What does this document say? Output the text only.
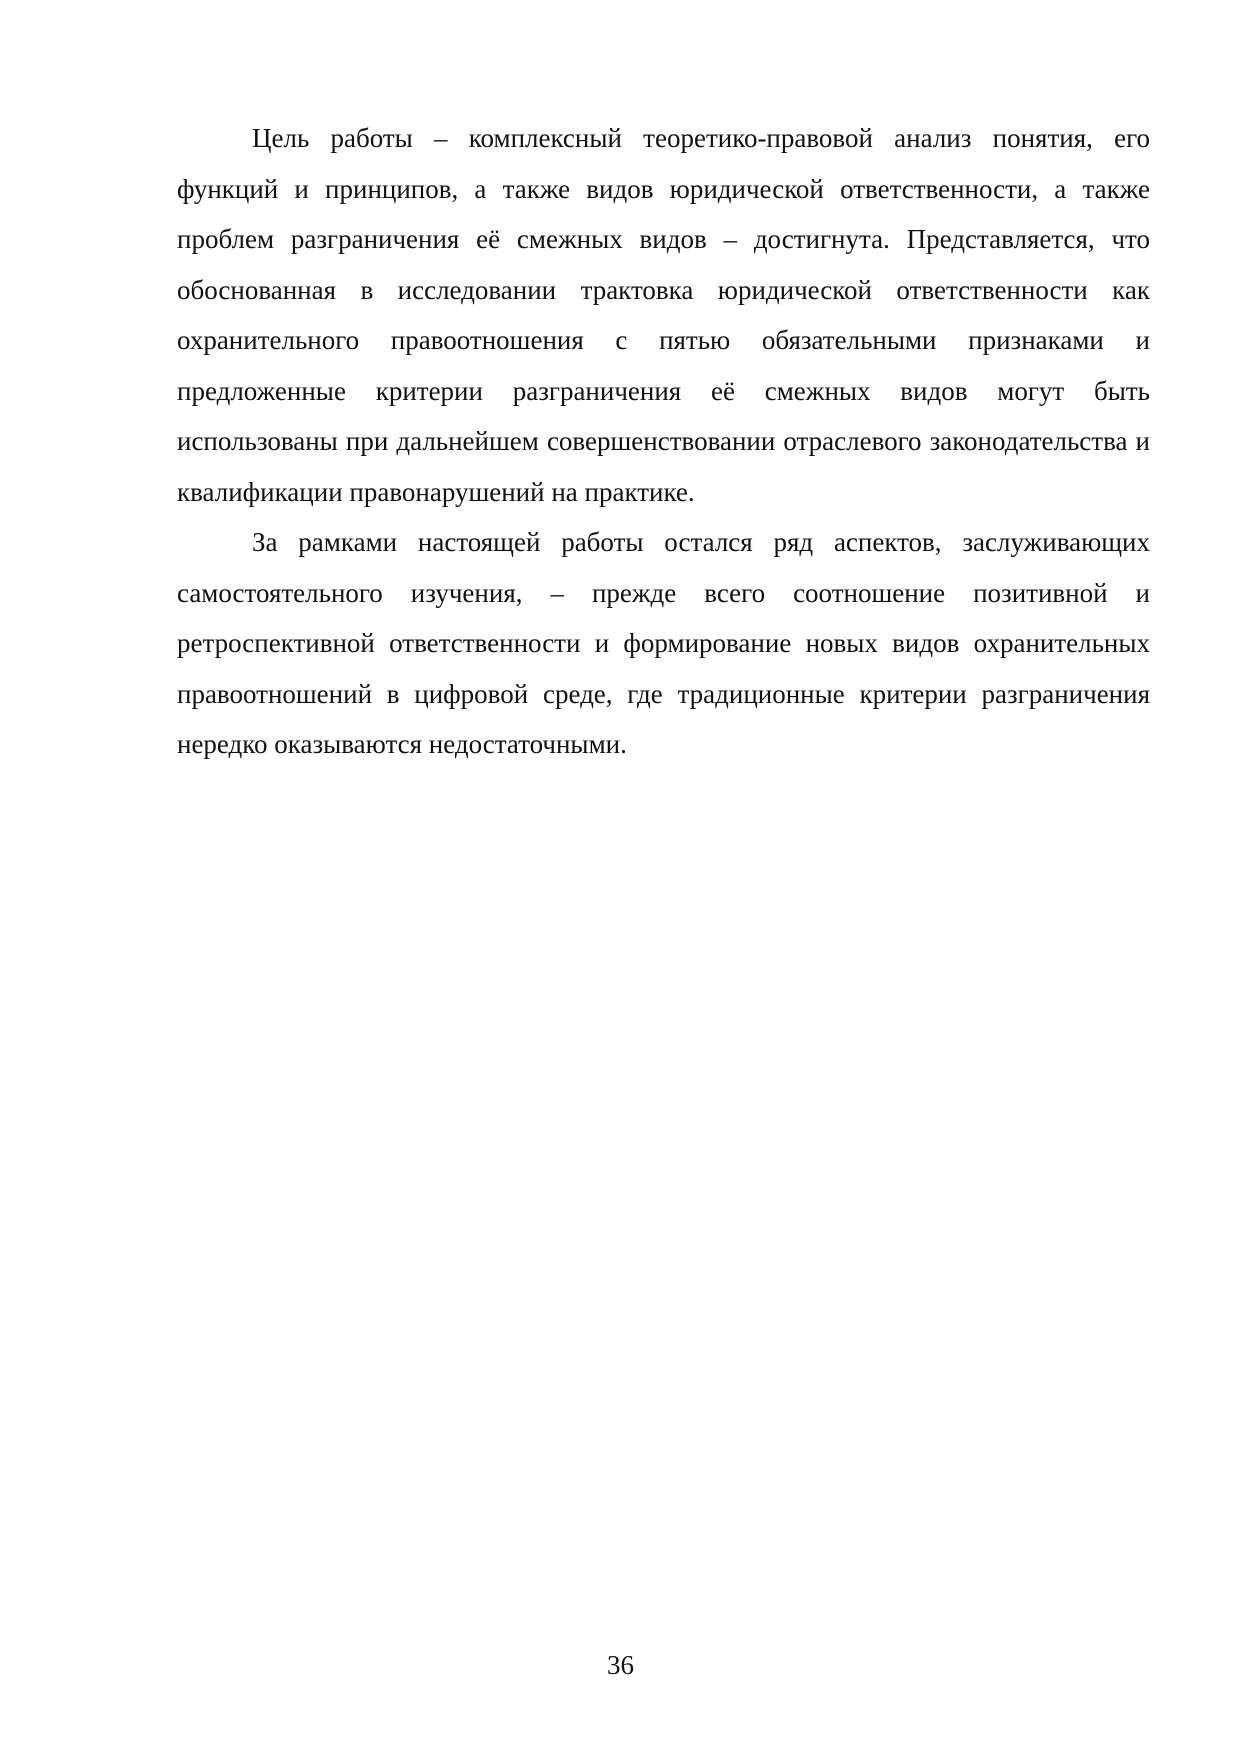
Цель работы – комплексный теоретико-правовой анализ понятия, его функций и принципов, а также видов юридической ответственности, а также проблем разграничения её смежных видов – достигнута. Представляется, что обоснованная в исследовании трактовка юридической ответственности как охранительного правоотношения с пятью обязательными признаками и предложенные критерии разграничения её смежных видов могут быть использованы при дальнейшем совершенствовании отраслевого законодательства и квалификации правонарушений на практике.

За рамками настоящей работы остался ряд аспектов, заслуживающих самостоятельного изучения, – прежде всего соотношение позитивной и ретроспективной ответственности и формирование новых видов охранительных правоотношений в цифровой среде, где традиционные критерии разграничения нередко оказываются недостаточными.

36
